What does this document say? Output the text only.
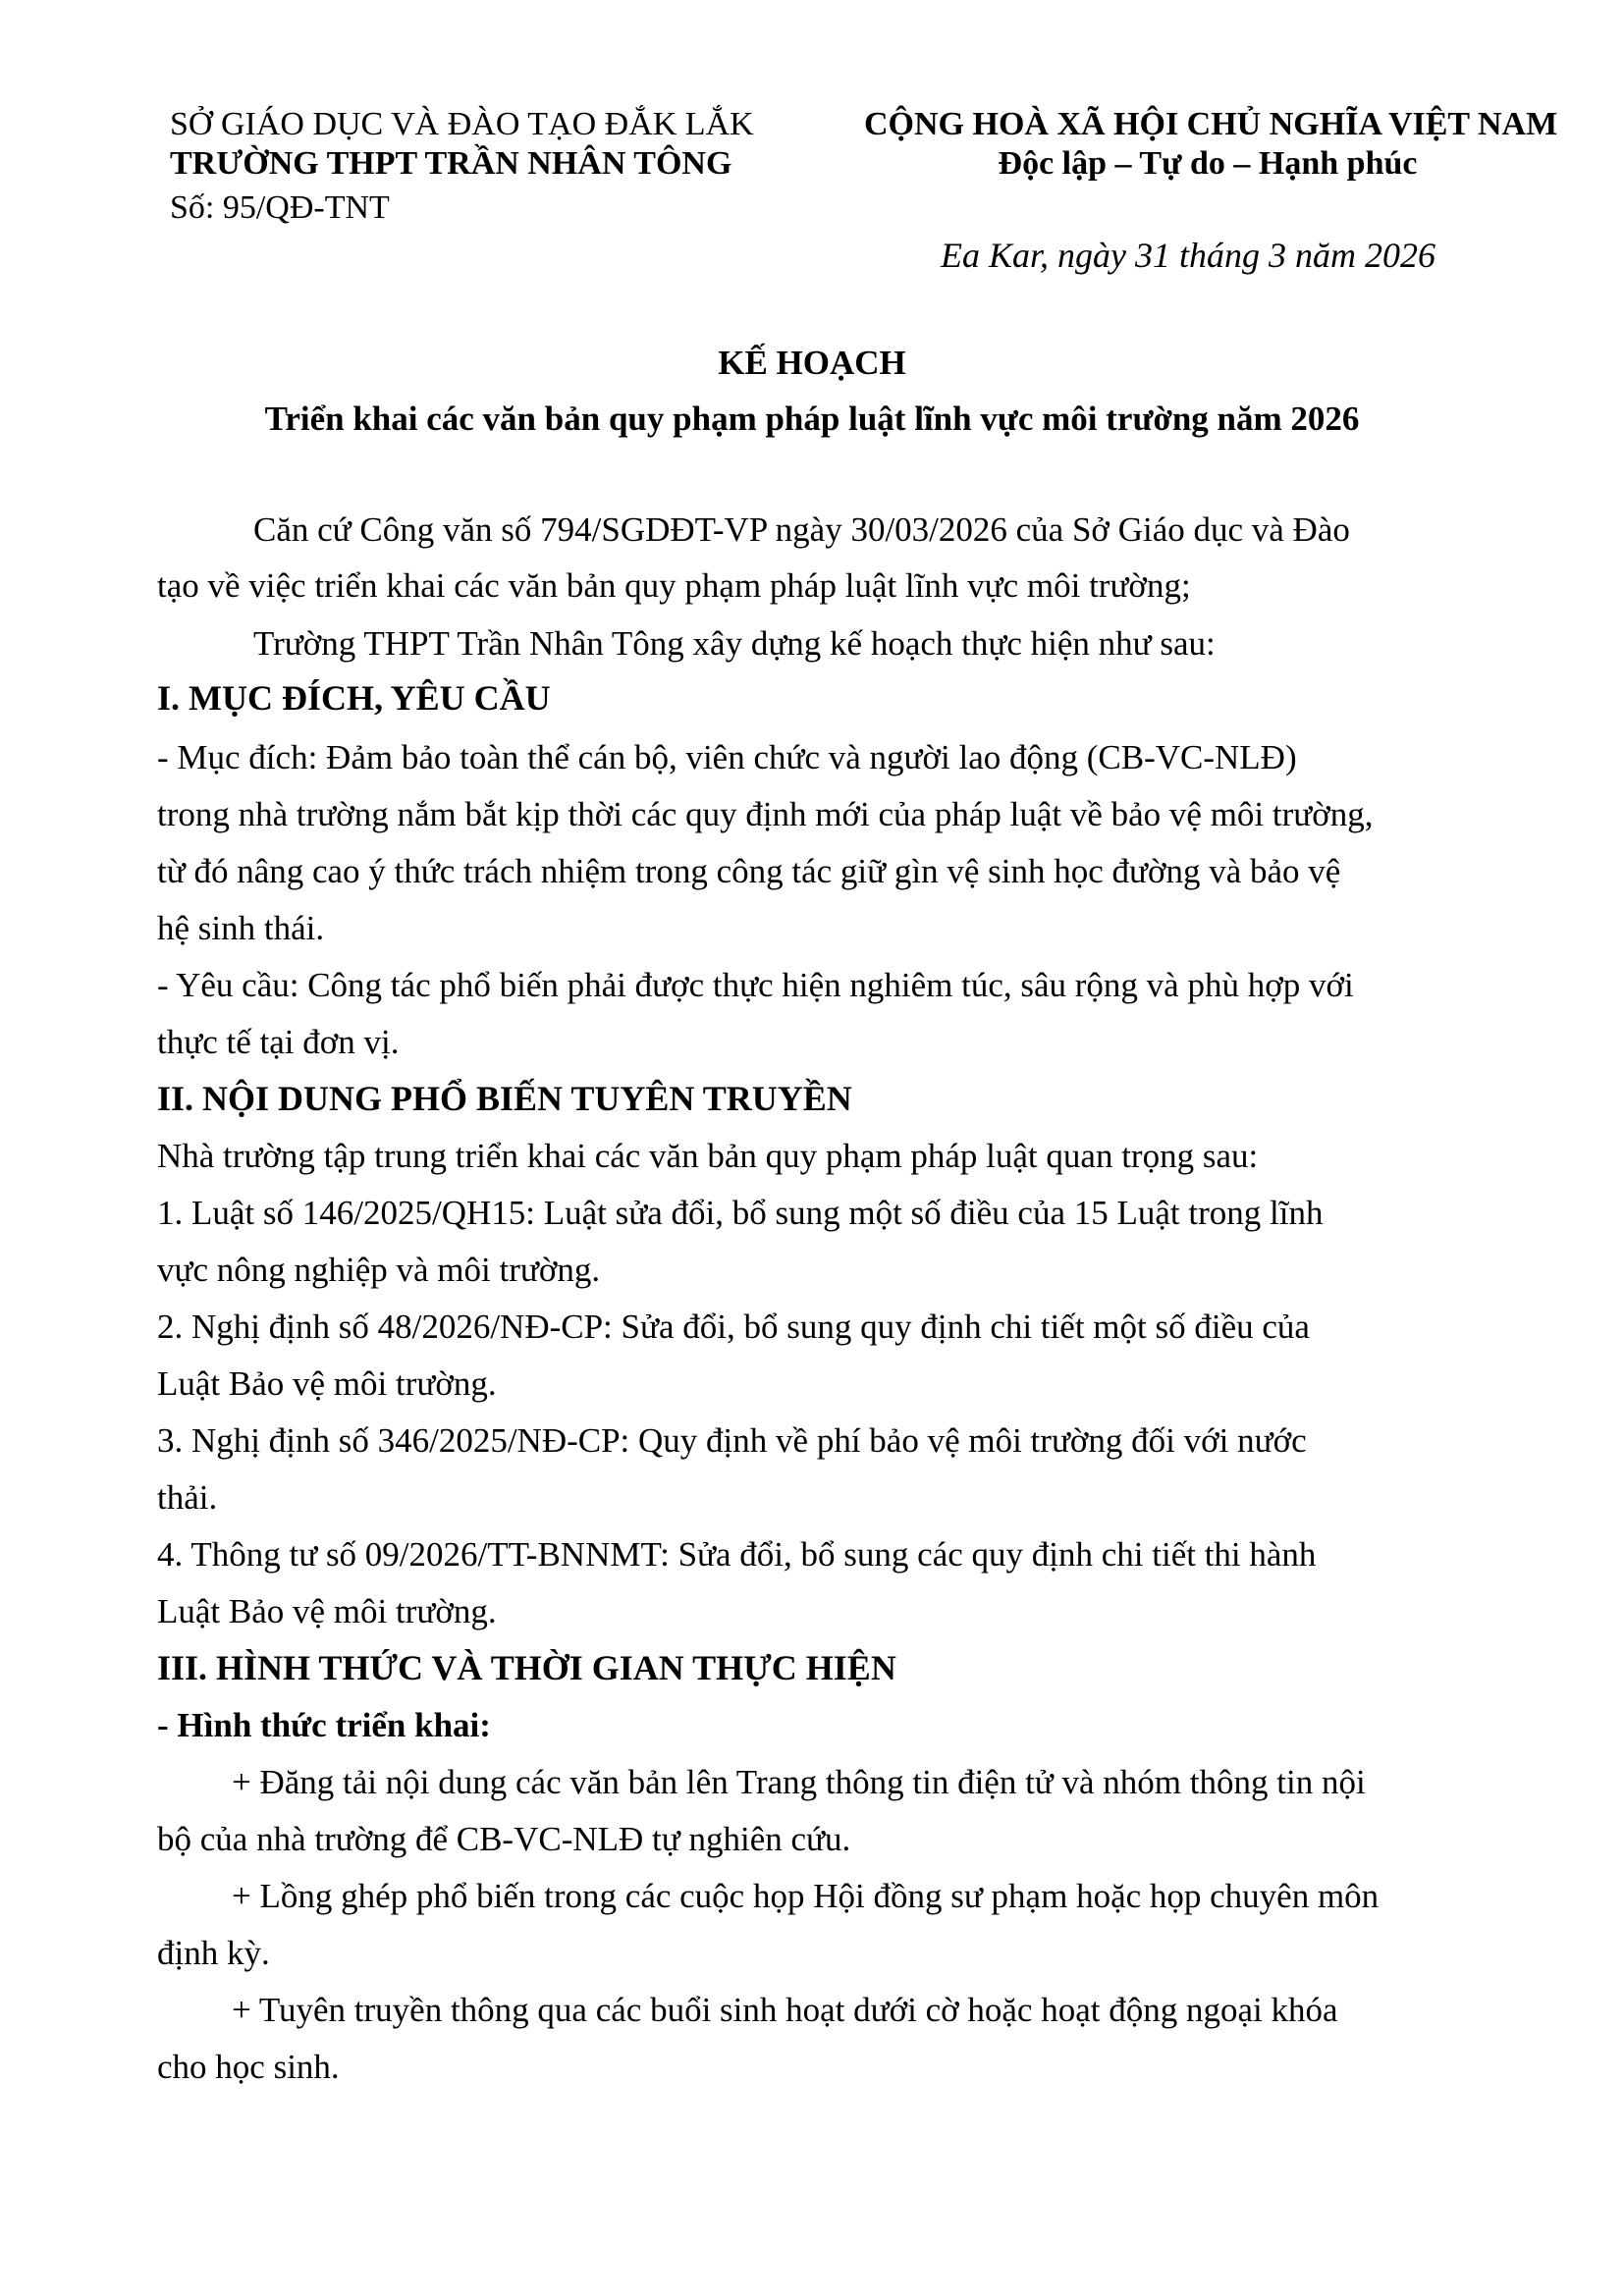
SỞ GIÁO DỤC VÀ ĐÀO TẠO ĐẮK LẮK
TRƯỜNG THPT TRẦN NHÂN TÔNG
Số: 95/QĐ-TNT
CỘNG HOÀ XÃ HỘI CHỦ NGHĨA VIỆT NAM
Độc lập – Tự do – Hạnh phúc
Ea Kar, ngày 31 tháng 3 năm 2026
KẾ HOẠCH
Triển khai các văn bản quy phạm pháp luật lĩnh vực môi trường năm 2026
Căn cứ Công văn số 794/SGDĐT-VP ngày 30/03/2026 của Sở Giáo dục và Đào
tạo về việc triển khai các văn bản quy phạm pháp luật lĩnh vực môi trường;
Trường THPT Trần Nhân Tông xây dựng kế hoạch thực hiện như sau:
I. MỤC ĐÍCH, YÊU CẦU
- Mục đích: Đảm bảo toàn thể cán bộ, viên chức và người lao động (CB-VC-NLĐ)
trong nhà trường nắm bắt kịp thời các quy định mới của pháp luật về bảo vệ môi trường,
từ đó nâng cao ý thức trách nhiệm trong công tác giữ gìn vệ sinh học đường và bảo vệ
hệ sinh thái.
- Yêu cầu: Công tác phổ biến phải được thực hiện nghiêm túc, sâu rộng và phù hợp với
thực tế tại đơn vị.
II. NỘI DUNG PHỔ BIẾN TUYÊN TRUYỀN
Nhà trường tập trung triển khai các văn bản quy phạm pháp luật quan trọng sau:
1. Luật số 146/2025/QH15: Luật sửa đổi, bổ sung một số điều của 15 Luật trong lĩnh
vực nông nghiệp và môi trường.
2. Nghị định số 48/2026/NĐ-CP: Sửa đổi, bổ sung quy định chi tiết một số điều của
Luật Bảo vệ môi trường.
3. Nghị định số 346/2025/NĐ-CP: Quy định về phí bảo vệ môi trường đối với nước
thải.
4. Thông tư số 09/2026/TT-BNNMT: Sửa đổi, bổ sung các quy định chi tiết thi hành
Luật Bảo vệ môi trường.
III. HÌNH THỨC VÀ THỜI GIAN THỰC HIỆN
- Hình thức triển khai:
+ Đăng tải nội dung các văn bản lên Trang thông tin điện tử và nhóm thông tin nội
bộ của nhà trường để CB-VC-NLĐ tự nghiên cứu.
+ Lồng ghép phổ biến trong các cuộc họp Hội đồng sư phạm hoặc họp chuyên môn
định kỳ.
+ Tuyên truyền thông qua các buổi sinh hoạt dưới cờ hoặc hoạt động ngoại khóa
cho học sinh.
